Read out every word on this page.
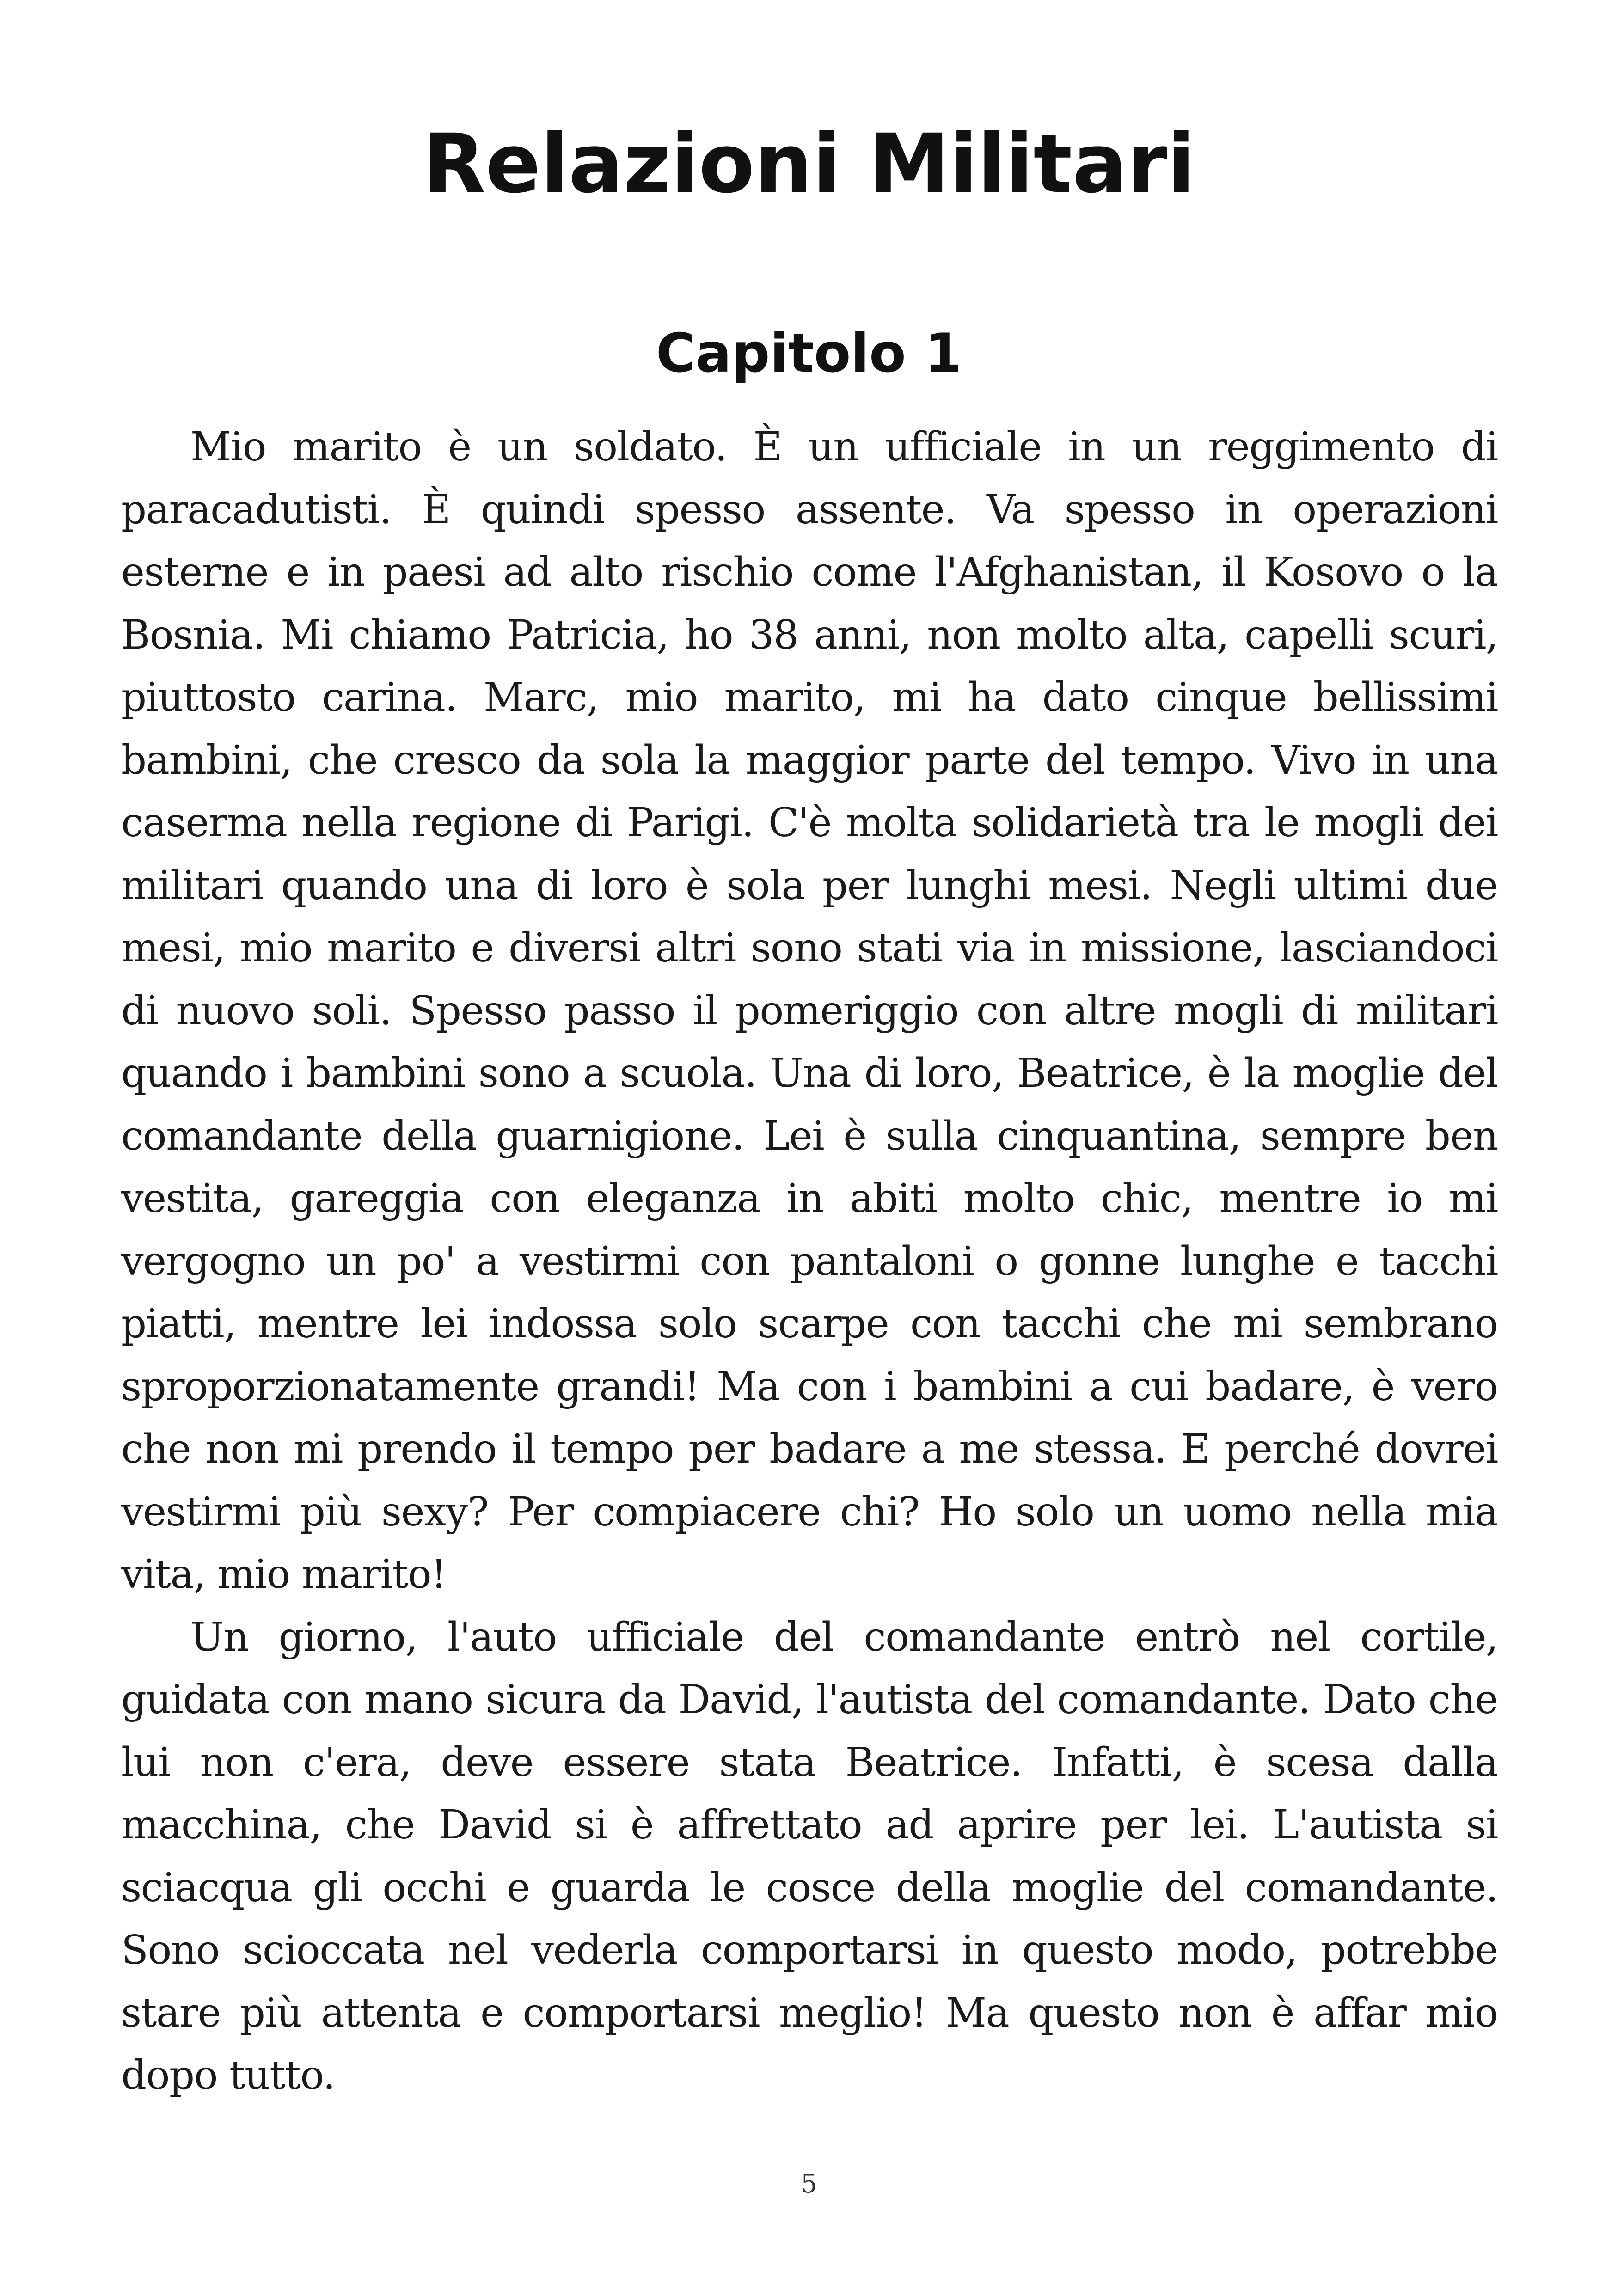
Relazioni Militari
Capitolo 1

Mio marito è un soldato. È un ufficiale in un reggimento di paracadutisti. È quindi spesso assente. Va spesso in operazioni esterne e in paesi ad alto rischio come l'Afghanistan, il Kosovo o la Bosnia. Mi chiamo Patricia, ho 38 anni, non molto alta, capelli scuri, piuttosto carina. Marc, mio marito, mi ha dato cinque bellissimi bambini, che cresco da sola la maggior parte del tempo. Vivo in una caserma nella regione di Parigi. C'è molta solidarietà tra le mogli dei militari quando una di loro è sola per lunghi mesi. Negli ultimi due mesi, mio marito e diversi altri sono stati via in missione, lasciandoci di nuovo soli. Spesso passo il pomeriggio con altre mogli di militari quando i bambini sono a scuola. Una di loro, Beatrice, è la moglie del comandante della guarnigione. Lei è sulla cinquantina, sempre ben vestita, gareggia con eleganza in abiti molto chic, mentre io mi vergogno un po' a vestirmi con pantaloni o gonne lunghe e tacchi piatti, mentre lei indossa solo scarpe con tacchi che mi sembrano sproporzionatamente grandi! Ma con i bambini a cui badare, è vero che non mi prendo il tempo per badare a me stessa. E perché dovrei vestirmi più sexy? Per compiacere chi? Ho solo un uomo nella mia vita, mio marito!

Un giorno, l'auto ufficiale del comandante entrò nel cortile, guidata con mano sicura da David, l'autista del comandante. Dato che lui non c'era, deve essere stata Beatrice. Infatti, è scesa dalla macchina, che David si è affrettato ad aprire per lei. L'autista si sciacqua gli occhi e guarda le cosce della moglie del comandante. Sono scioccata nel vederla comportarsi in questo modo, potrebbe stare più attenta e comportarsi meglio! Ma questo non è affar mio dopo tutto.

5
